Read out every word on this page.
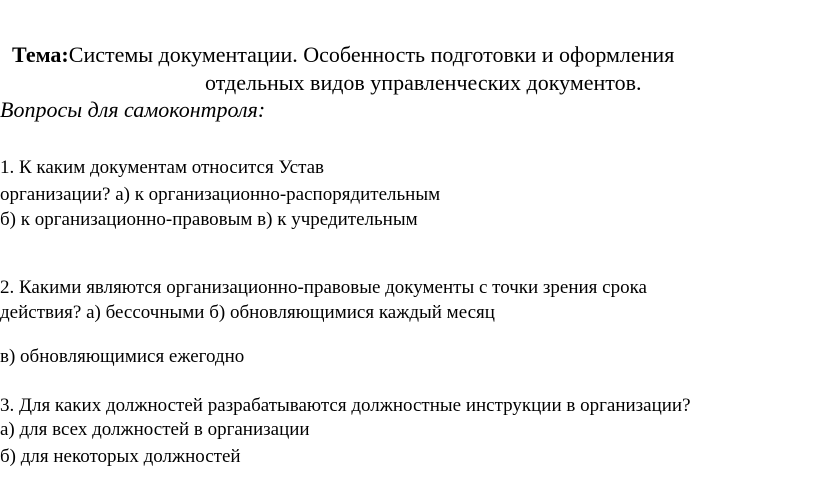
Тема:Системы документации. Особенность подготовки и оформления
отдельных видов управленческих документов.
Вопросы для самоконтроля:
1. К каким документам относится Устав
организации? а) к организационно-распорядительным
б) к организационно-правовым в) к учредительным
2. Какими являются организационно-правовые документы с точки зрения срока
действия? а) бессочными б) обновляющимися каждый месяц
в) обновляющимися ежегодно
3. Для каких должностей разрабатываются должностные инструкции в организации?
а) для всех должностей в организации
б) для некоторых должностей
